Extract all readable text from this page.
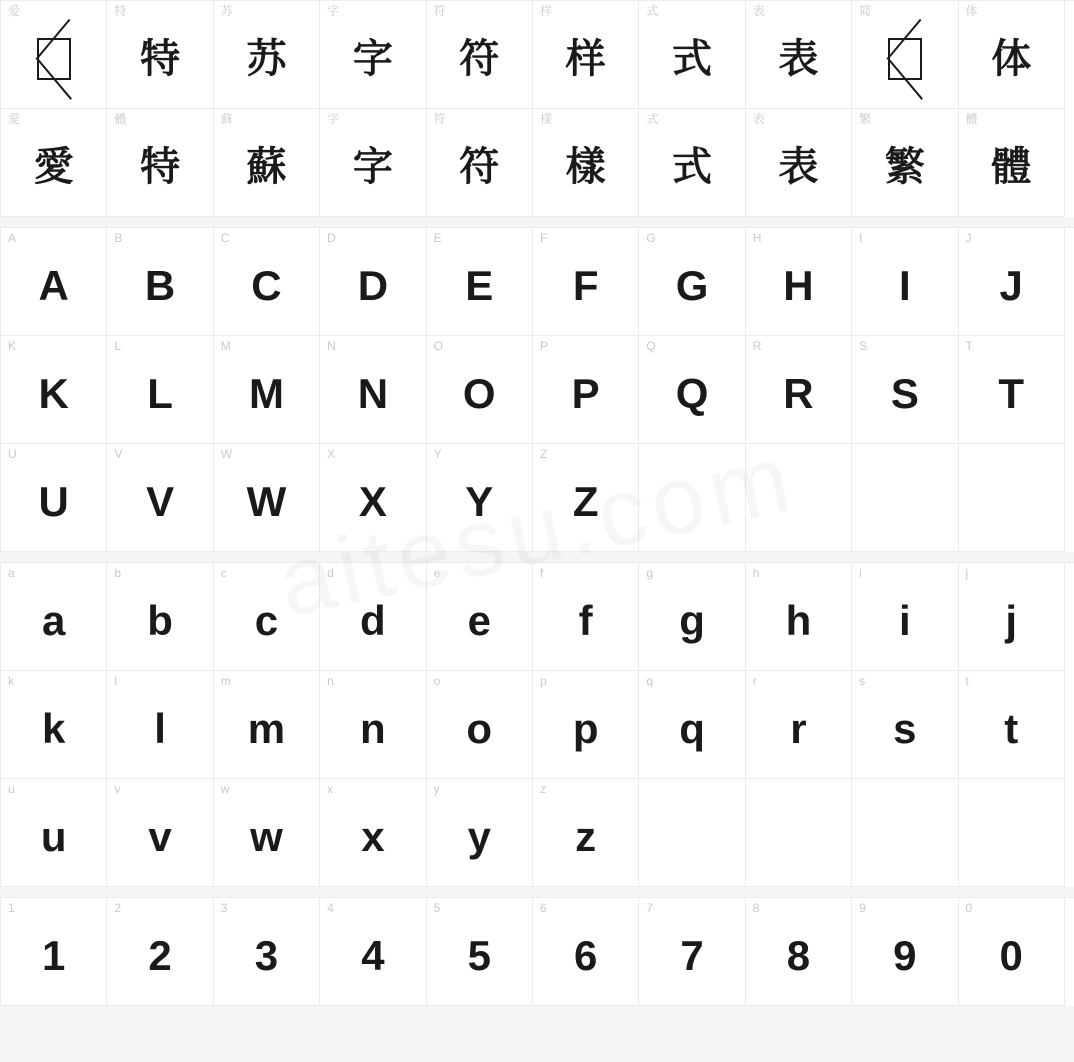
爱	特
特
苏
苏
字
字
符
符
样
样
式
式
表
表
简	体
体
愛
愛
體
特
蘇
蘇
字
字
符
符
樣
樣
式
式
表
表
繁
繁
體
體
A
A
B
B
C
C
D
D
E
E
F
F
G
G
H
H
I
I
J
J
K
K
L
L
M
M
N
N
O
O
P
P
Q
Q
R
R
S
S
T
T
U
U
V
V
W
W
X
X
Y
Y
Z
Z
a
a
b
b
c
c
d
d
e
e
f
f
g
g
h
h
i
i
j
j
k
k
l
l
m
m
n
n
o
o
p
p
q
q
r
r
s
s
t
t
u
u
v
v
w
w
x
x
y
y
z
z
1
1
2
2
3
3
4
4
5
5
6
6
7
7
8
8
9
9
0
0
